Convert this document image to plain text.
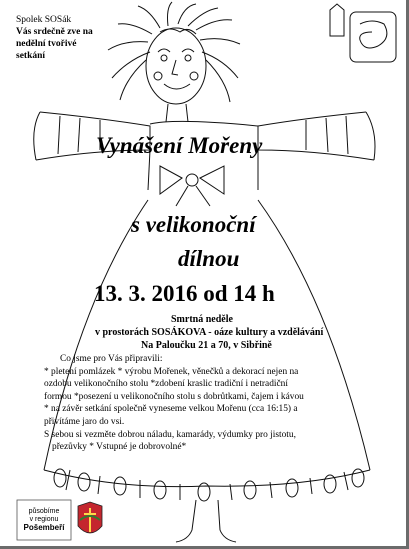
Spolek SOSák
Vás srdečně zve na nedělní tvořivé setkání
Vynášení Mořeny
s velikonoční
dílnou
13. 3. 2016 od 14 h
Smrtná neděle
v prostorách SOSÁKOVA - oáze kultury a vzdělávání
Na Paloučku 21 a 70, v Sibřině
Co jsme pro Vás připravili:
* pletení pomlázek * výrobu Mořenek, věnečků a dekorací nejen na
ozdobu velikonočního stolu *zdobení kraslic tradiční i netradiční
formou *posezení u velikonočního stolu s dobrůtkami, čajem i kávou
* na závěr setkání společně vyneseme velkou Mořenu (cca 16:15) a
přivítáme jaro do vsi.
S sebou si vezměte dobrou náladu, kamarády, výdumky pro jistotu,
přezůvky * Vstupné je dobrovolné*
působíme
v regionu
Pošembeří
